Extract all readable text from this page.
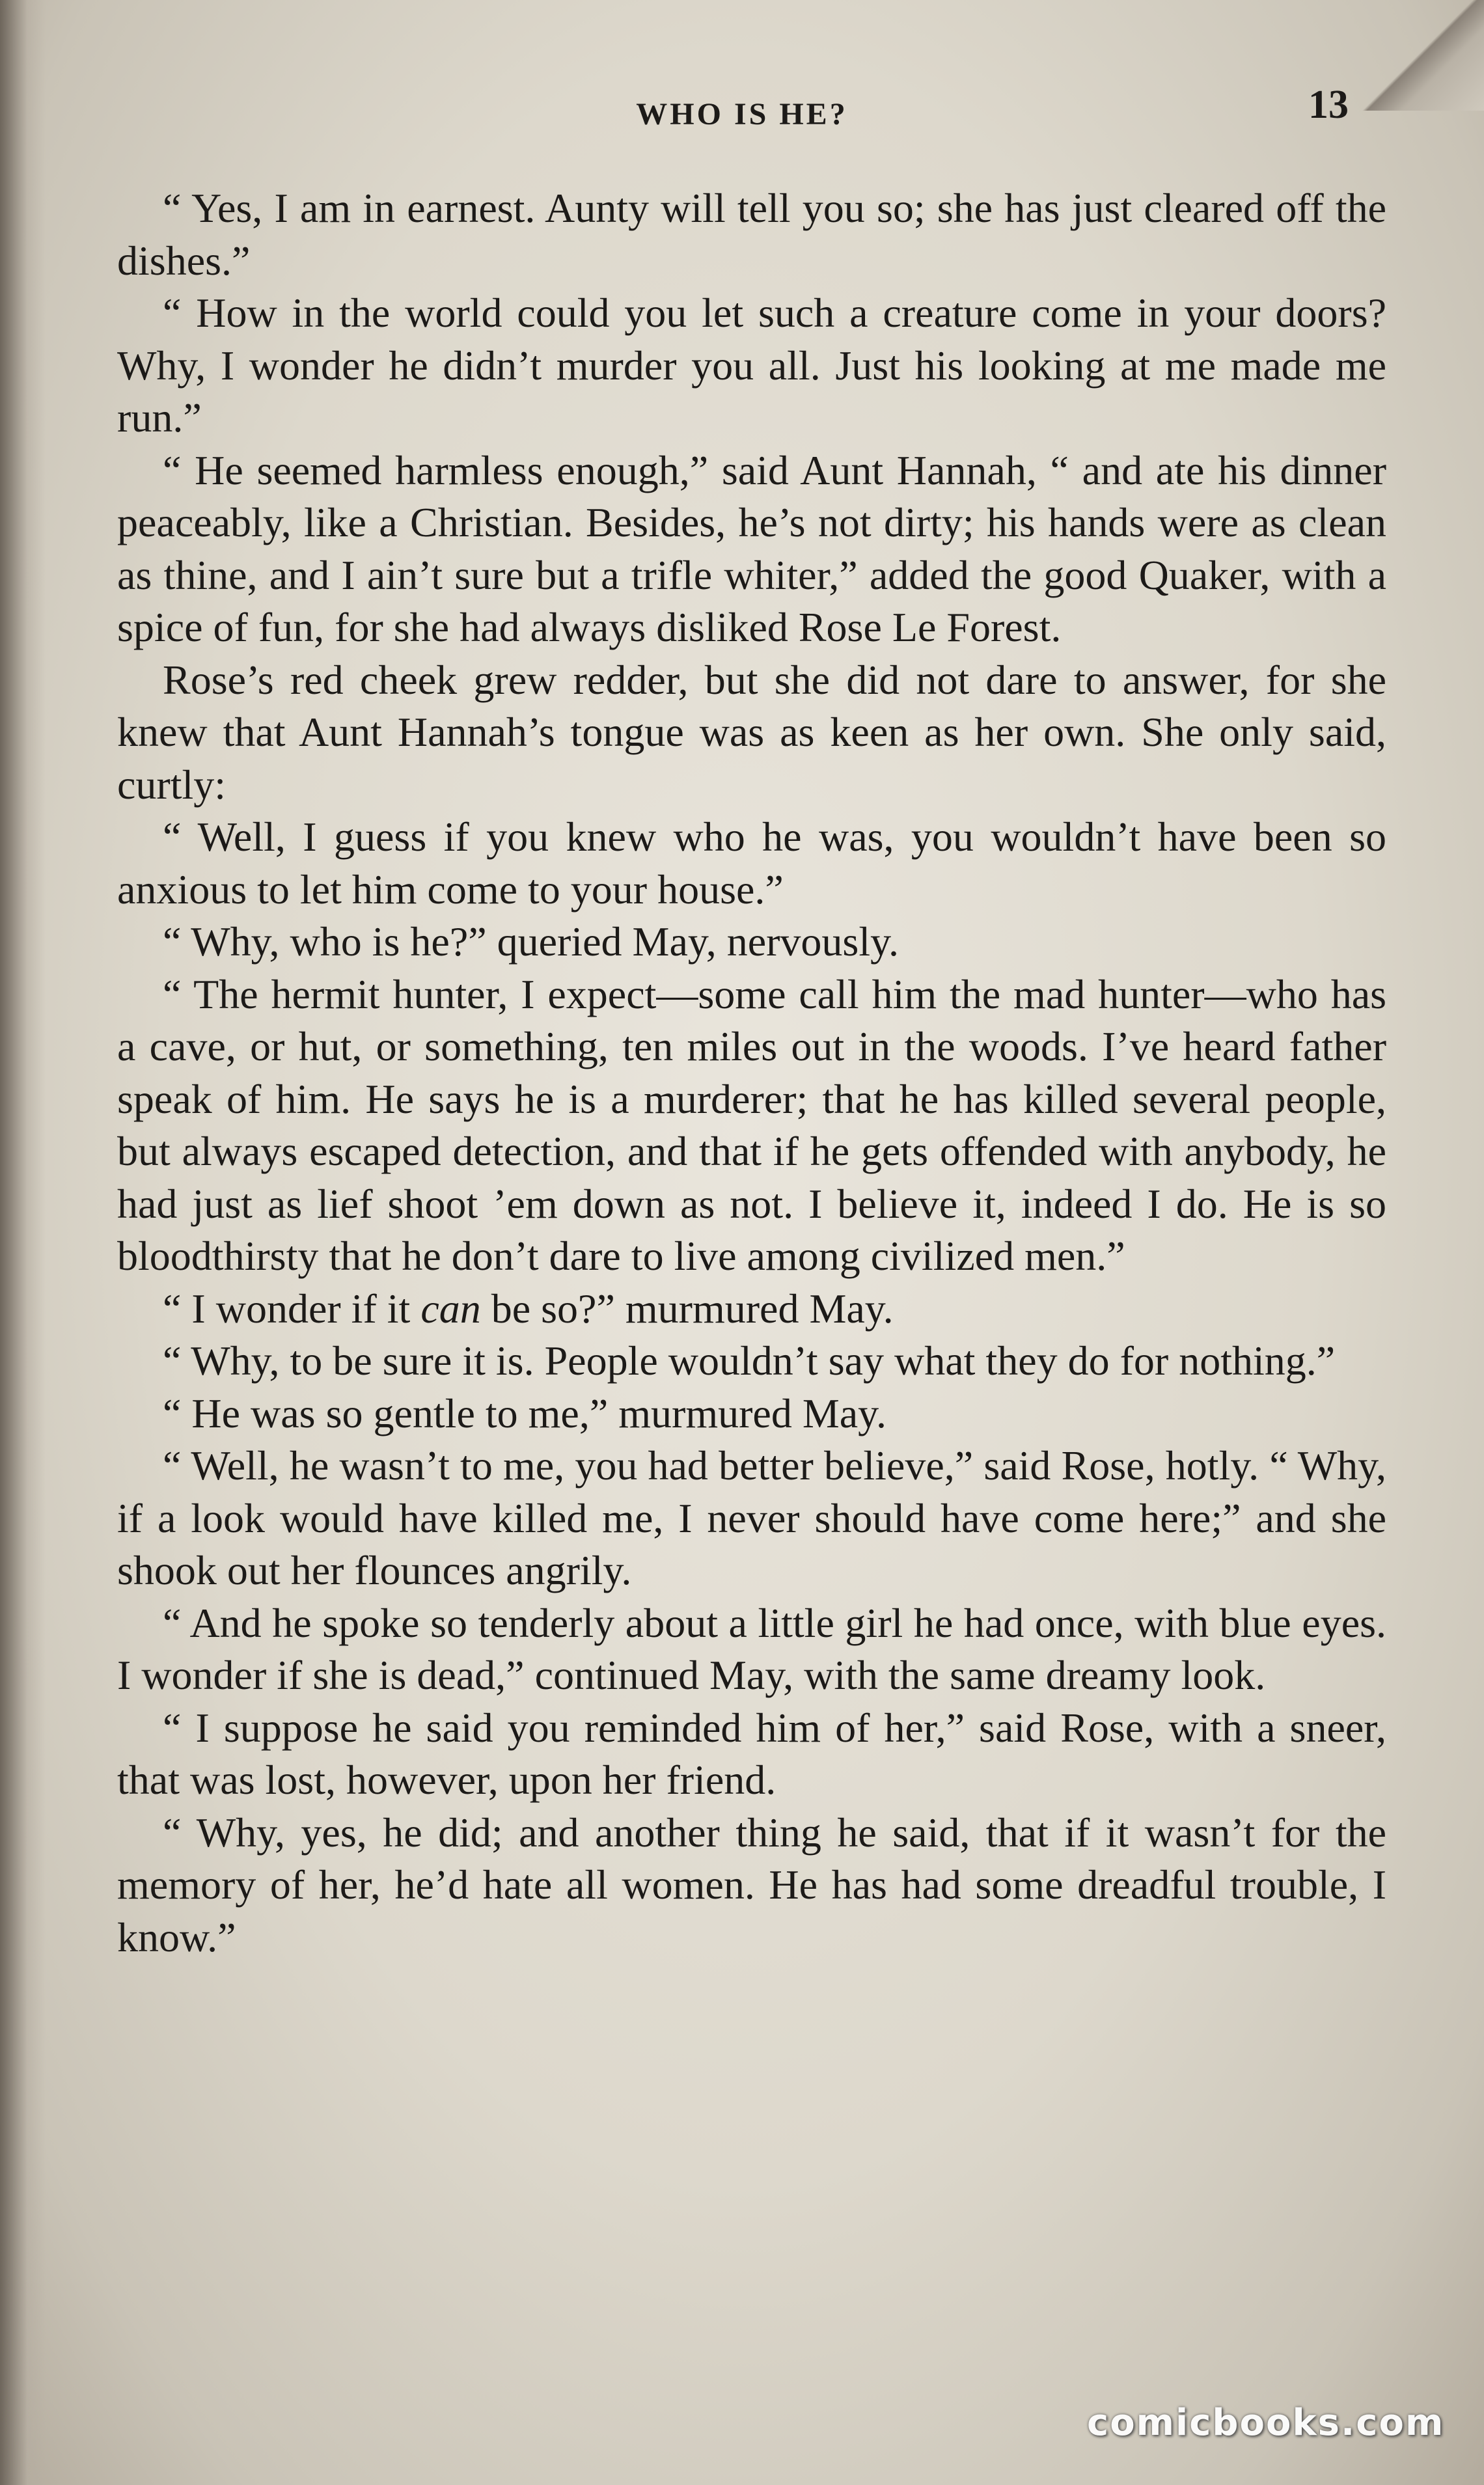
WHO IS HE?	13

“ Yes, I am in earnest. Aunty will tell you so; she has just cleared off the dishes.”

“ How in the world could you let such a creature come in your doors? Why, I wonder he didn’t murder you all. Just his looking at me made me run.”

“ He seemed harmless enough,” said Aunt Hannah, “ and ate his dinner peaceably, like a Christian. Besides, he’s not dirty; his hands were as clean as thine, and I ain’t sure but a trifle whiter,” added the good Quaker, with a spice of fun, for she had always disliked Rose Le Forest.

Rose’s red cheek grew redder, but she did not dare to answer, for she knew that Aunt Hannah’s tongue was as keen as her own. She only said, curtly:

“ Well, I guess if you knew who he was, you wouldn’t have been so anxious to let him come to your house.”

“ Why, who is he?” queried May, nervously.

“ The hermit hunter, I expect—some call him the mad hunter—who has a cave, or hut, or something, ten miles out in the woods. I’ve heard father speak of him. He says he is a murderer; that he has killed several people, but always escaped detection, and that if he gets offended with anybody, he had just as lief shoot ’em down as not. I believe it, indeed I do. He is so bloodthirsty that he don’t dare to live among civilized men.”

“ I wonder if it can be so?” murmured May.

“ Why, to be sure it is. People wouldn’t say what they do for nothing.”

“ He was so gentle to me,” murmured May.

“ Well, he wasn’t to me, you had better believe,” said Rose, hotly. “ Why, if a look would have killed me, I never should have come here;” and she shook out her flounces angrily.

“ And he spoke so tenderly about a little girl he had once, with blue eyes. I wonder if she is dead,” continued May, with the same dreamy look.

“ I suppose he said you reminded him of her,” said Rose, with a sneer, that was lost, however, upon her friend.

“ Why, yes, he did; and another thing he said, that if it wasn’t for the memory of her, he’d hate all women. He has had some dreadful trouble, I know.”

comicbooks.com
